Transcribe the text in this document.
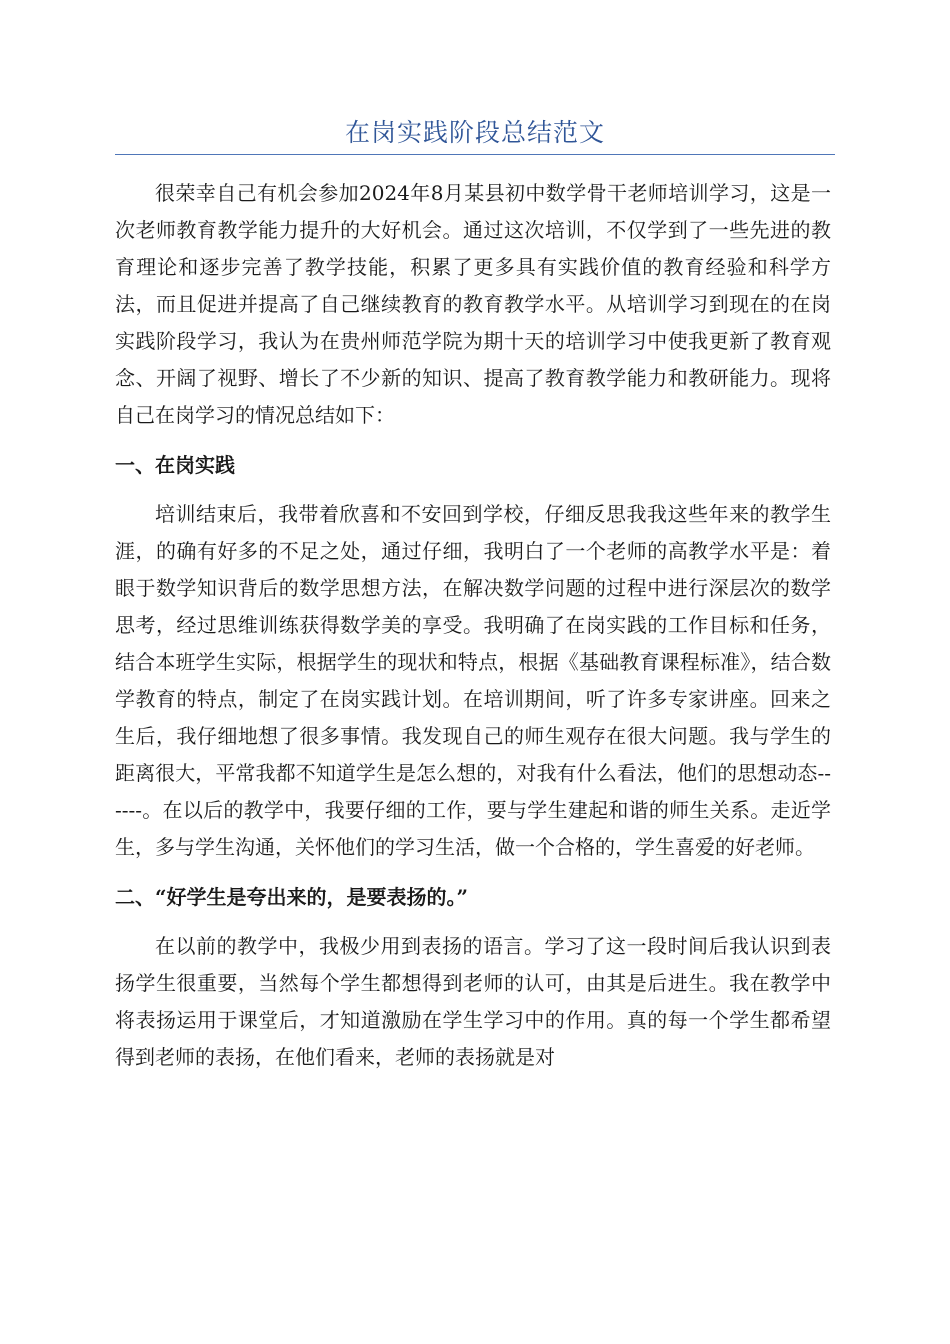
在岗实践阶段总结范文

很荣幸自己有机会参加2024年8月某县初中数学骨干老师培训学习，这是一次老师教育教学能力提升的大好机会。通过这次培训，不仅学到了一些先进的教育理论和逐步完善了教学技能，积累了更多具有实践价值的教育经验和科学方法，而且促进并提高了自己继续教育的教育教学水平。从培训学习到现在的在岗实践阶段学习，我认为在贵州师范学院为期十天的培训学习中使我更新了教育观念、开阔了视野、增长了不少新的知识、提高了教育教学能力和教研能力。现将自己在岗学习的情况总结如下：

一、在岗实践

培训结束后，我带着欣喜和不安回到学校，仔细反思我我这些年来的教学生涯，的确有好多的不足之处，通过仔细，我明白了一个老师的高教学水平是：着眼于数学知识背后的数学思想方法，在解决数学问题的过程中进行深层次的数学思考，经过思维训练获得数学美的享受。我明确了在岗实践的工作目标和任务，结合本班学生实际，根据学生的现状和特点，根据《基础教育课程标准》，结合数学教育的特点，制定了在岗实践计划。在培训期间，听了许多专家讲座。回来之生后，我仔细地想了很多事情。我发现自己的师生观存在很大问题。我与学生的距离很大，平常我都不知道学生是怎么想的，对我有什么看法，他们的思想动态------。在以后的教学中，我要仔细的工作，要与学生建起和谐的师生关系。走近学生，多与学生沟通，关怀他们的学习生活，做一个合格的，学生喜爱的好老师。

二、“好学生是夸出来的，是要表扬的。”

在以前的教学中，我极少用到表扬的语言。学习了这一段时间后我认识到表扬学生很重要，当然每个学生都想得到老师的认可，由其是后进生。我在教学中将表扬运用于课堂后，才知道激励在学生学习中的作用。真的每一个学生都希望得到老师的表扬，在他们看来，老师的表扬就是对
